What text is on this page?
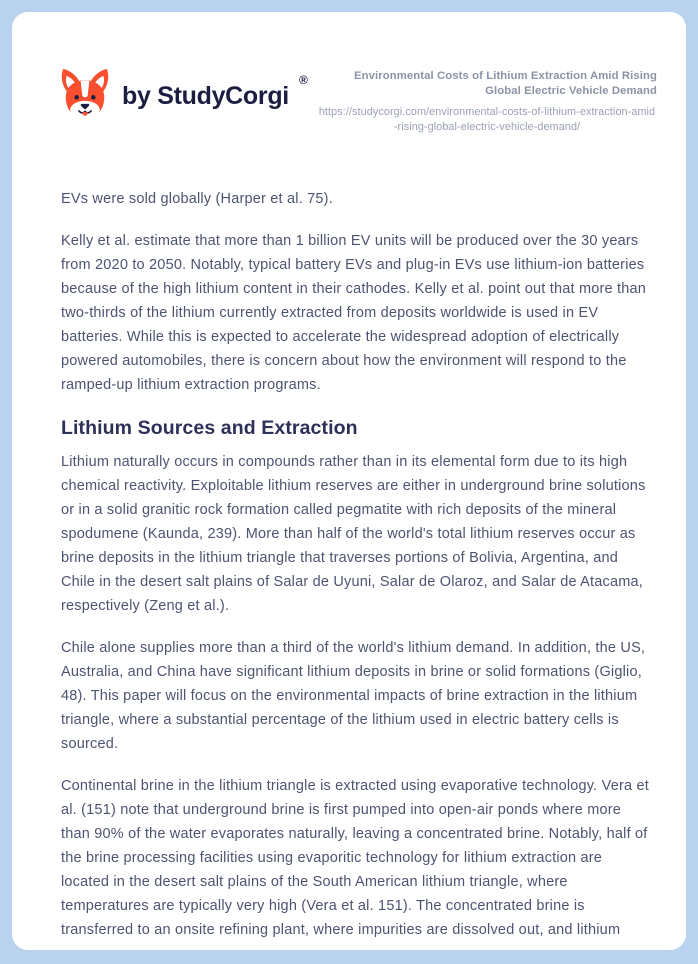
by StudyCorgi
®	Environmental Costs of Lithium Extraction Amid Rising Global Electric Vehicle Demand
https://studycorgi.com/environmental-costs-of-lithium-extraction-amid-rising-global-electric-vehicle-demand/

EVs were sold globally (Harper et al. 75).

Kelly et al. estimate that more than 1 billion EV units will be produced over the 30 years from 2020 to 2050. Notably, typical battery EVs and plug-in EVs use lithium-ion batteries because of the high lithium content in their cathodes. Kelly et al. point out that more than two-thirds of the lithium currently extracted from deposits worldwide is used in EV batteries. While this is expected to accelerate the widespread adoption of electrically powered automobiles, there is concern about how the environment will respond to the ramped-up lithium extraction programs.

Lithium Sources and Extraction

Lithium naturally occurs in compounds rather than in its elemental form due to its high chemical reactivity. Exploitable lithium reserves are either in underground brine solutions or in a solid granitic rock formation called pegmatite with rich deposits of the mineral spodumene (Kaunda, 239). More than half of the world's total lithium reserves occur as brine deposits in the lithium triangle that traverses portions of Bolivia, Argentina, and Chile in the desert salt plains of Salar de Uyuni, Salar de Olaroz, and Salar de Atacama, respectively (Zeng et al.).

Chile alone supplies more than a third of the world's lithium demand. In addition, the US, Australia, and China have significant lithium deposits in brine or solid formations (Giglio, 48). This paper will focus on the environmental impacts of brine extraction in the lithium triangle, where a substantial percentage of the lithium used in electric battery cells is sourced.

Continental brine in the lithium triangle is extracted using evaporative technology. Vera et al. (151) note that underground brine is first pumped into open-air ponds where more than 90% of the water evaporates naturally, leaving a concentrated brine. Notably, half of the brine processing facilities using evaporitic technology for lithium extraction are located in the desert salt plains of the South American lithium triangle, where temperatures are typically very high (Vera et al. 151). The concentrated brine is transferred to an onsite refining plant, where impurities are dissolved out, and lithium
